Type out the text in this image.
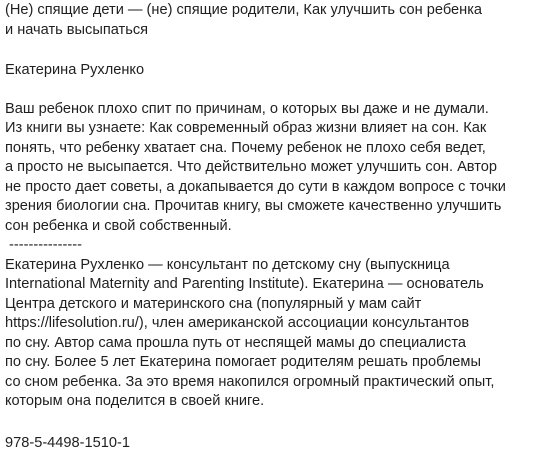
(Не) спящие дети — (не) спящие родители, Как улучшить сон ребенка
и начать высыпаться
Екатерина Рухленко
Ваш ребенок плохо спит по причинам, о которых вы даже и не думали.
Из книги вы узнаете: Как современный образ жизни влияет на сон. Как
понять, что ребенку хватает сна. Почему ребенок не плохо себя ведет,
а просто не высыпается. Что действительно может улучшить сон. Автор
не просто дает советы, а докапывается до сути в каждом вопросе с точки
зрения биологии сна. Прочитав книгу, вы сможете качественно улучшить
сон ребенка и свой собственный.
---------------
Екатерина Рухленко — консультант по детскому сну (выпускница
International Maternity and Parenting Institute). Екатерина — основатель
Центра детского и материнского сна (популярный у мам сайт
https://lifesolution.ru/), член американской ассоциации консультантов
по сну. Автор сама прошла путь от неспящей мамы до специалиста
по сну. Более 5 лет Екатерина помогает родителям решать проблемы
со сном ребенка. За это время накопился огромный практический опыт,
которым она поделится в своей книге.
978-5-4498-1510-1
